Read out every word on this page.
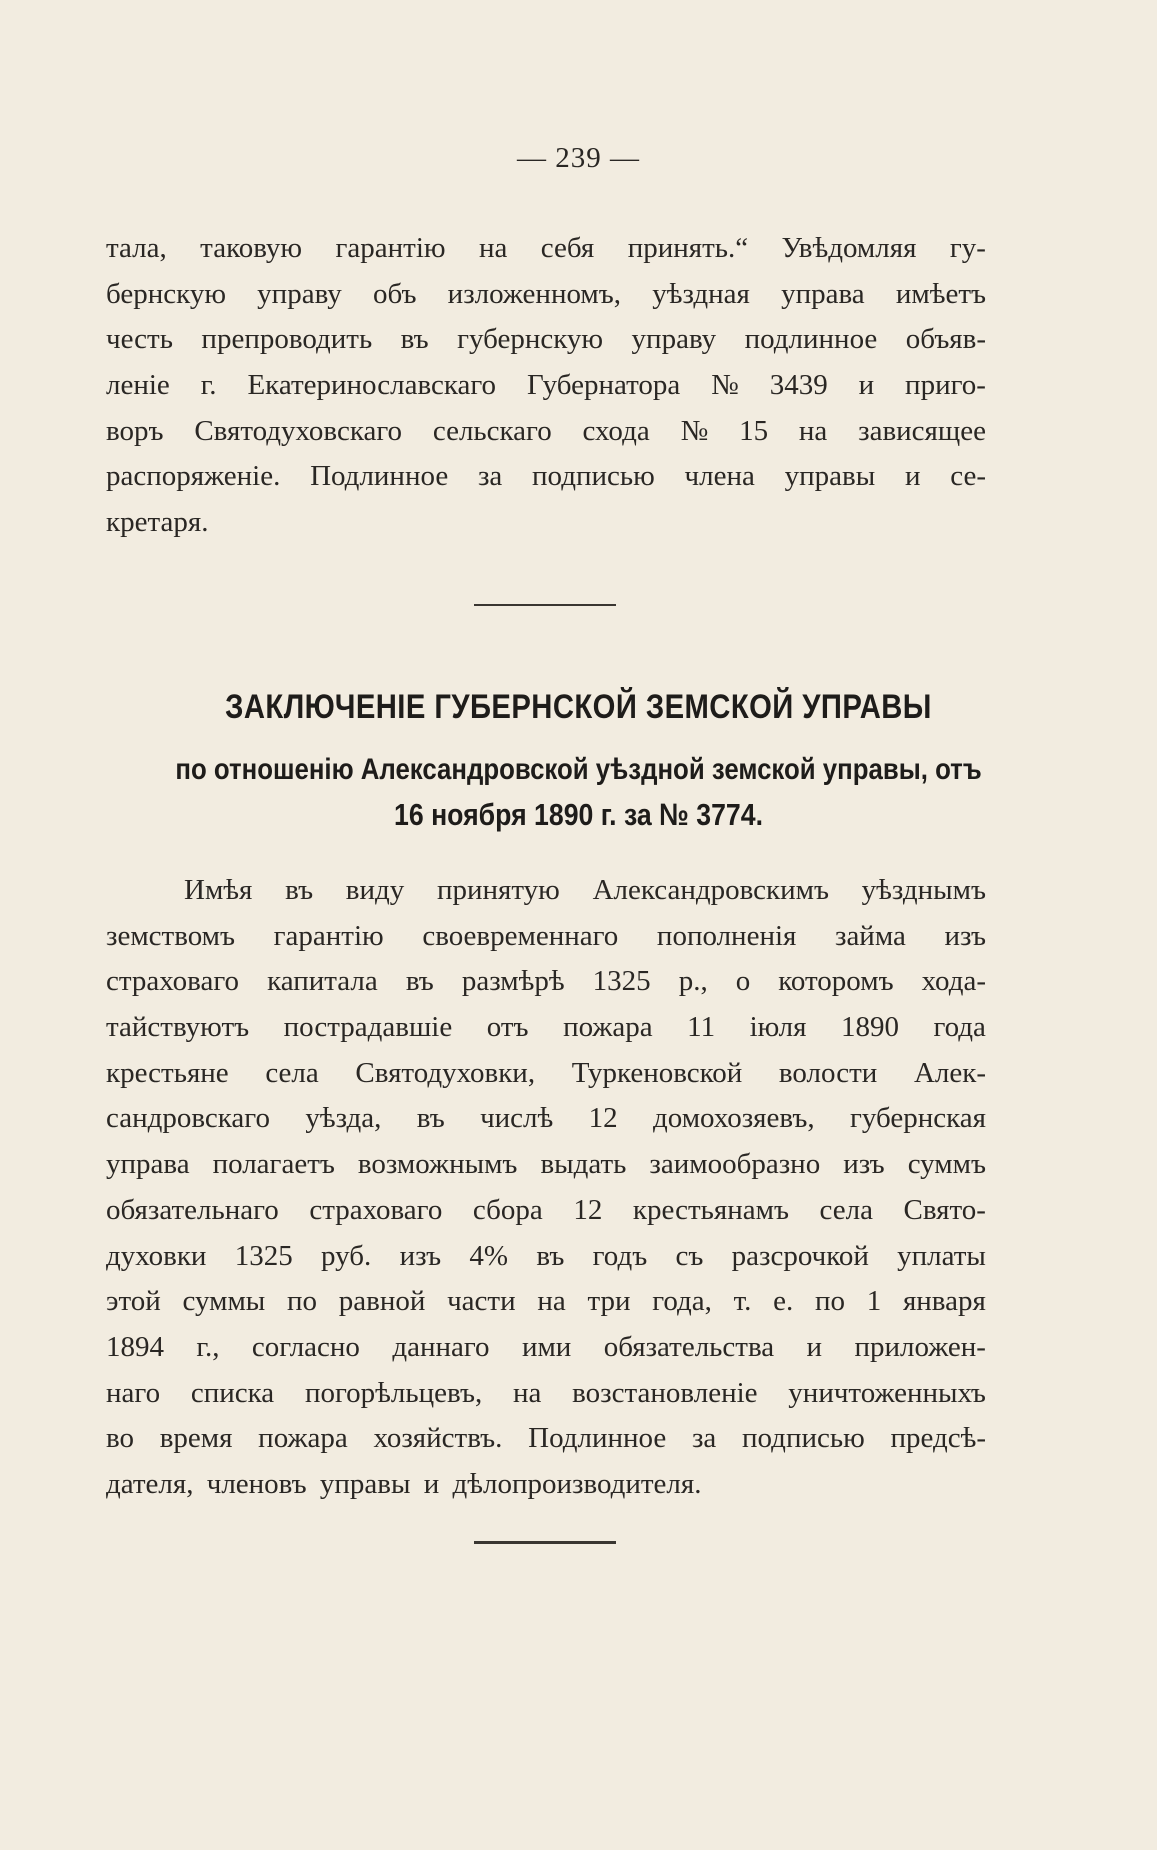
— 239 —
тала, таковую гарантію на себя принять.“ Увѣдомляя гу-
бернскую управу объ изложенномъ, уѣздная управа имѣетъ
честь препроводить въ губернскую управу подлинное объяв-
леніе г. Екатеринославскаго Губернатора № 3439 и приго-
воръ Святодуховскаго сельскаго схода № 15 на зависящее
распоряженіе. Подлинное за подписью члена управы и се-
кретаря.
ЗАКЛЮЧЕНІЕ ГУБЕРНСКОЙ ЗЕМСКОЙ УПРАВЫ
по отношенію Александровской уѣздной земской управы, отъ
16 ноября 1890 г. за № 3774.
Имѣя въ виду принятую Александровскимъ уѣзднымъ
земствомъ гарантію своевременнаго пополненія займа изъ
страховаго капитала въ размѣрѣ 1325 р., о которомъ хода-
тайствуютъ пострадавшіе отъ пожара 11 іюля 1890 года
крестьяне села Святодуховки, Туркеновской волости Алек-
сандровскаго уѣзда, въ числѣ 12 домохозяевъ, губернская
управа полагаетъ возможнымъ выдать заимообразно изъ суммъ
обязательнаго страховаго сбора 12 крестьянамъ села Свято-
духовки 1325 руб. изъ 4% въ годъ съ разсрочкой уплаты
этой суммы по равной части на три года, т. е. по 1 января
1894 г., согласно даннаго ими обязательства и приложен-
наго списка погорѣльцевъ, на возстановленіе уничтоженныхъ
во время пожара хозяйствъ. Подлинное за подписью предсѣ-
дателя, членовъ управы и дѣлопроизводителя.
